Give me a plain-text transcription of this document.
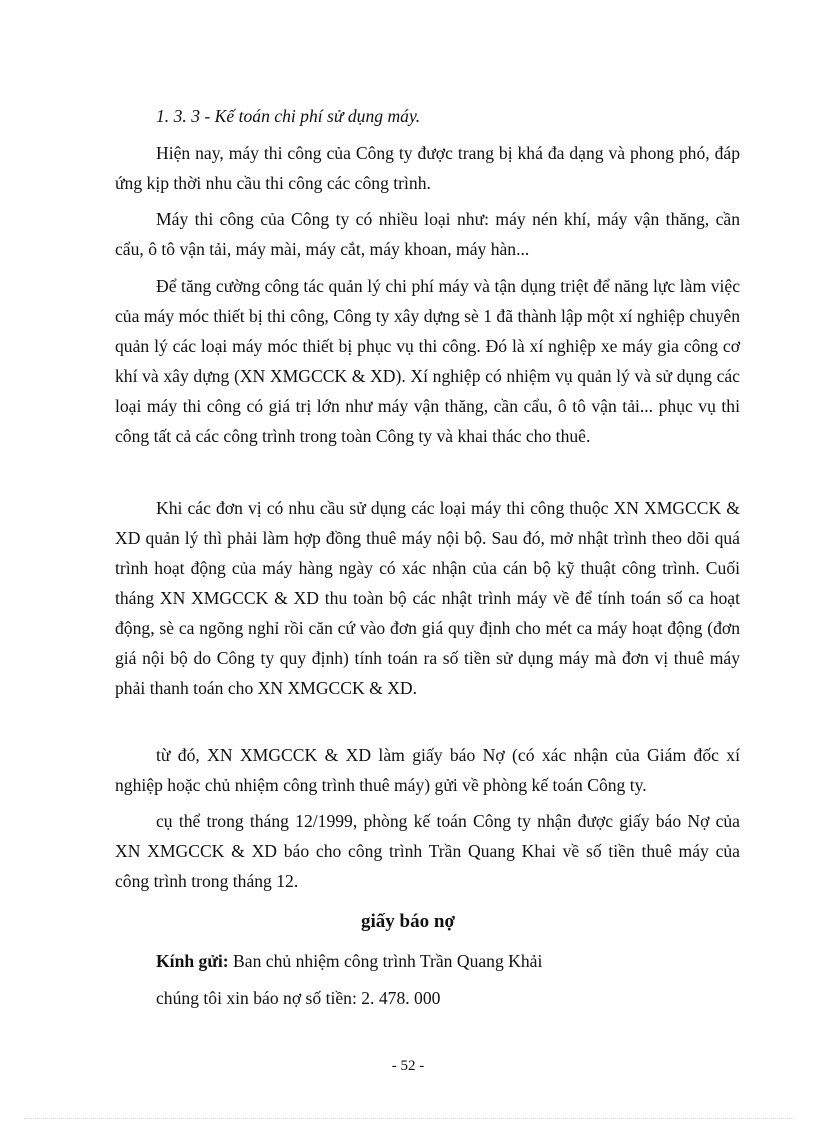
1. 3. 3 - Kế toán chi phí sử dụng máy.

Hiện nay, máy thi công của Công ty được trang bị khá đa dạng và phong phó, đáp ứng kịp thời nhu cầu thi công các công trình.

Máy thi công của Công ty có nhiều loại như: máy nén khí, máy vận thăng, cần cẩu, ô tô vận tải, máy mài, máy cắt, máy khoan, máy hàn...

Để tăng cường công tác quản lý chi phí máy và tận dụng triệt để năng lực làm việc của máy móc thiết bị thi công, Công ty xây dựng sè 1 đã thành lập một xí nghiệp chuyên quản lý các loại máy móc thiết bị phục vụ thi công. Đó là xí nghiệp xe máy gia công cơ khí và xây dựng (XN XMGCCK & XD). Xí nghiệp có nhiệm vụ quản lý và sử dụng các loại máy thi công có giá trị lớn như máy vận thăng, cần cẩu, ô tô vận tải... phục vụ thi công tất cả các công trình trong toàn Công ty và khai thác cho thuê.

Khi các đơn vị có nhu cầu sử dụng các loại máy thi công thuộc XN XMGCCK & XD quản lý thì phải làm hợp đồng thuê máy nội bộ. Sau đó, mở nhật trình theo dõi quá trình hoạt động của máy hàng ngày có xác nhận của cán bộ kỹ thuật công trình. Cuối tháng XN XMGCCK & XD thu toàn bộ các nhật trình máy về để tính toán số ca hoạt động, sè ca ngõng nghỉ rồi căn cứ vào đơn giá quy định cho mét ca máy hoạt động (đơn giá nội bộ do Công ty quy định) tính toán ra số tiền sử dụng máy mà đơn vị thuê máy phải thanh toán cho XN XMGCCK & XD.

từ đó, XN XMGCCK & XD làm giấy báo Nợ (có xác nhận của Giám đốc xí nghiệp hoặc chủ nhiệm công trình thuê máy) gửi về phòng kế toán Công ty.

cụ thể trong tháng 12/1999, phòng kế toán Công ty nhận được giấy báo Nợ của XN XMGCCK & XD báo cho công trình Trần Quang Khai về số tiền thuê máy của công trình trong tháng 12.

giấy báo nợ
Kính gửi: Ban chủ nhiệm công trình Trần Quang Khải
chúng tôi xin báo nợ số tiền: 2. 478. 000
- 52 -
